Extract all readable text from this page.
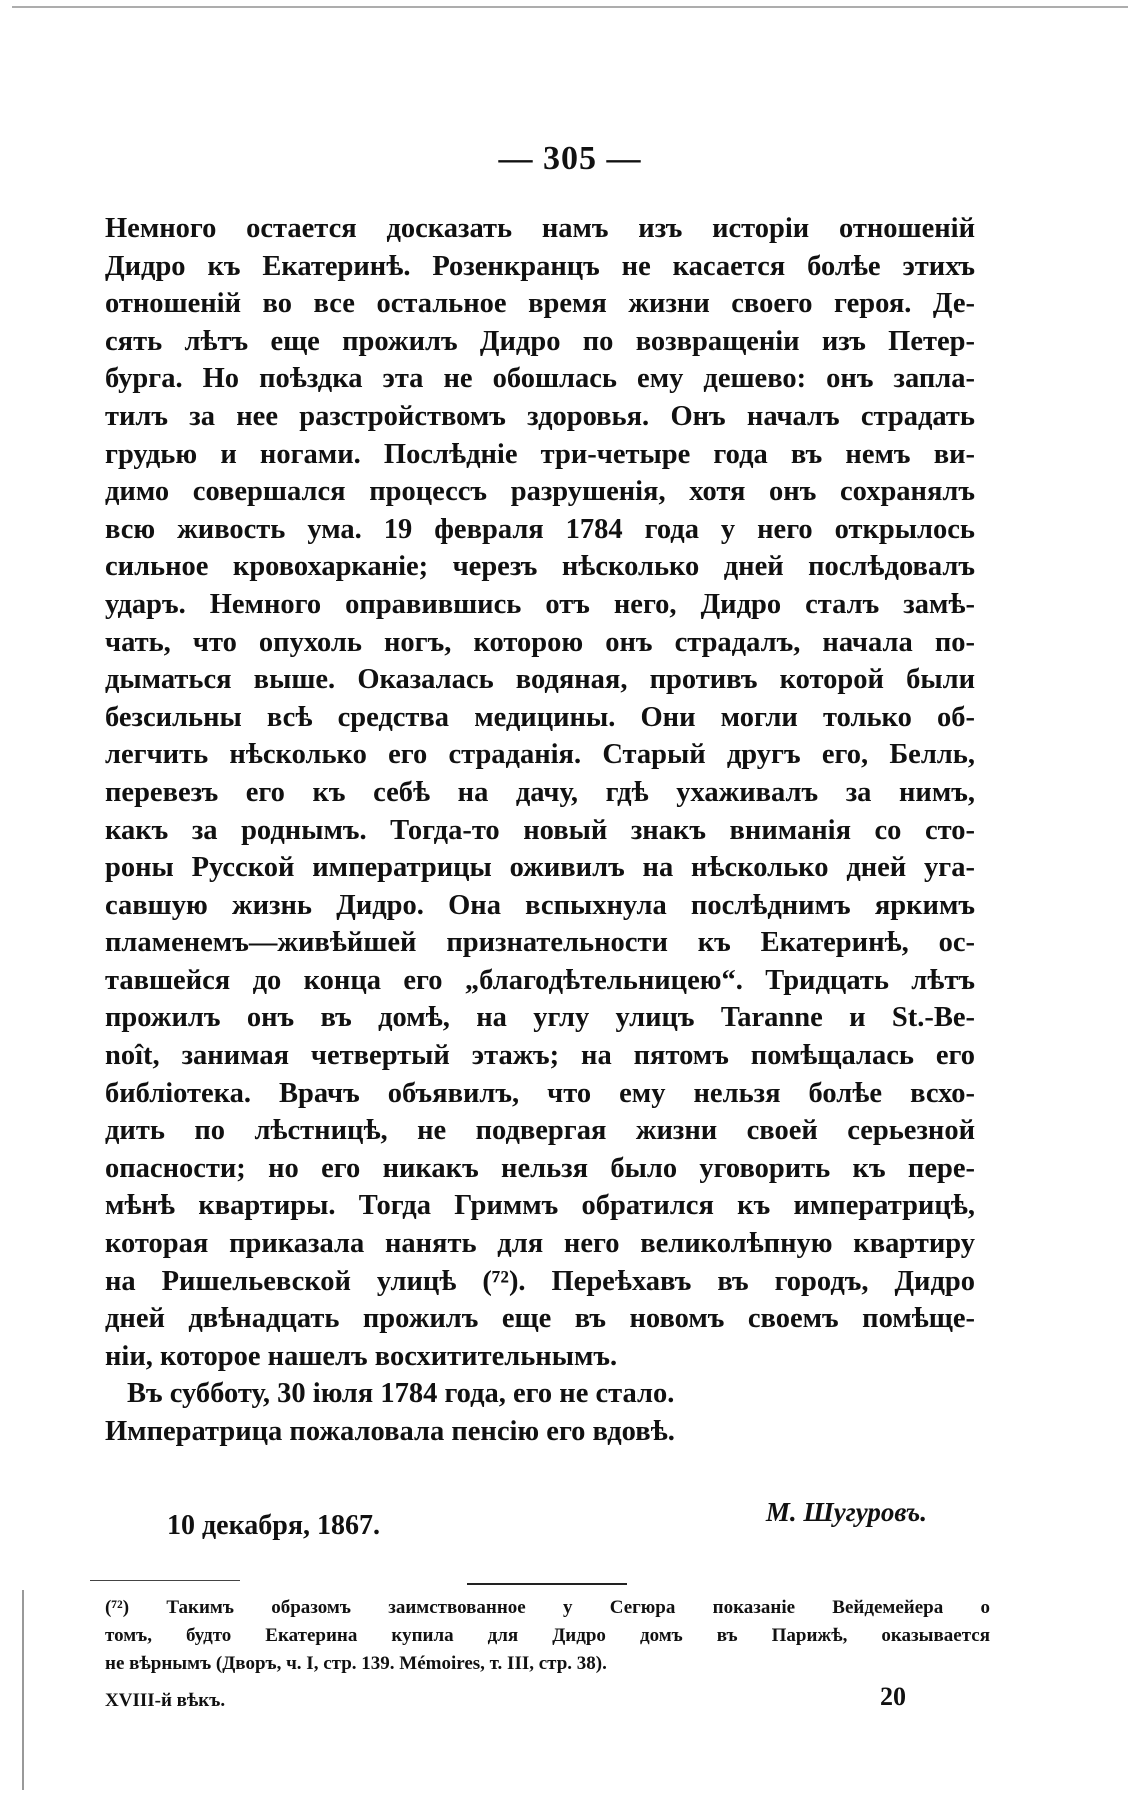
— 305 —
Немного остается досказать намъ изъ исторіи отношеній
Дидро къ Екатеринѣ. Розенкранцъ не касается болѣе этихъ
отношеній во все остальное время жизни своего героя. Де-
сять лѣтъ еще прожилъ Дидро по возвращеніи изъ Петер-
бурга. Но поѣздка эта не обошлась ему дешево: онъ запла-
тилъ за нее разстройствомъ здоровья. Онъ началъ страдать
грудью и ногами. Послѣдніе три-четыре года въ немъ ви-
димо совершался процессъ разрушенія, хотя онъ сохранялъ
всю живость ума. 19 февраля 1784 года у него открылось
сильное кровохарканіе; черезъ нѣсколько дней послѣдовалъ
ударъ. Немного оправившись отъ него, Дидро сталъ замѣ-
чать, что опухоль ногъ, которою онъ страдалъ, начала по-
дыматься выше. Оказалась водяная, противъ которой были
безсильны всѣ средства медицины. Они могли только об-
легчить нѣсколько его страданія. Старый другъ его, Белль,
перевезъ его къ себѣ на дачу, гдѣ ухаживалъ за нимъ,
какъ за роднымъ. Тогда-то новый знакъ вниманія со сто-
роны Русской императрицы оживилъ на нѣсколько дней уга-
савшую жизнь Дидро. Она вспыхнула послѣднимъ яркимъ
пламенемъ—живѣйшей признательности къ Екатеринѣ, ос-
тавшейся до конца его „благодѣтельницею“. Тридцать лѣтъ
прожилъ онъ въ домѣ, на углу улицъ Taranne и St.-Be-
noît, занимая четвертый этажъ; на пятомъ помѣщалась его
библіотека. Врачъ объявилъ, что ему нельзя болѣе всхо-
дить по лѣстницѣ, не подвергая жизни своей серьезной
опасности; но его никакъ нельзя было уговорить къ пере-
мѣнѣ квартиры. Тогда Гриммъ обратился къ императрицѣ,
которая приказала нанять для него великолѣпную квартиру
на Ришельевской улицѣ (⁷²). Переѣхавъ въ городъ, Дидро
дней двѣнадцать прожилъ еще въ новомъ своемъ помѣще-
ніи, которое нашелъ восхитительнымъ.
Въ субботу, 30 іюля 1784 года, его не стало.
Императрица пожаловала пенсію его вдовѣ.
М. Шугуровъ.
10 декабря, 1867.
(⁷²) Такимъ образомъ заимствованное у Сегюра показаніе Вейдемейера о
томъ, будто Екатерина купила для Дидро домъ въ Парижѣ, оказывается
не вѣрнымъ (Дворъ, ч. I, стр. 139. Mémoires, т. III, стр. 38).
XVIII-й вѣкъ.	20
